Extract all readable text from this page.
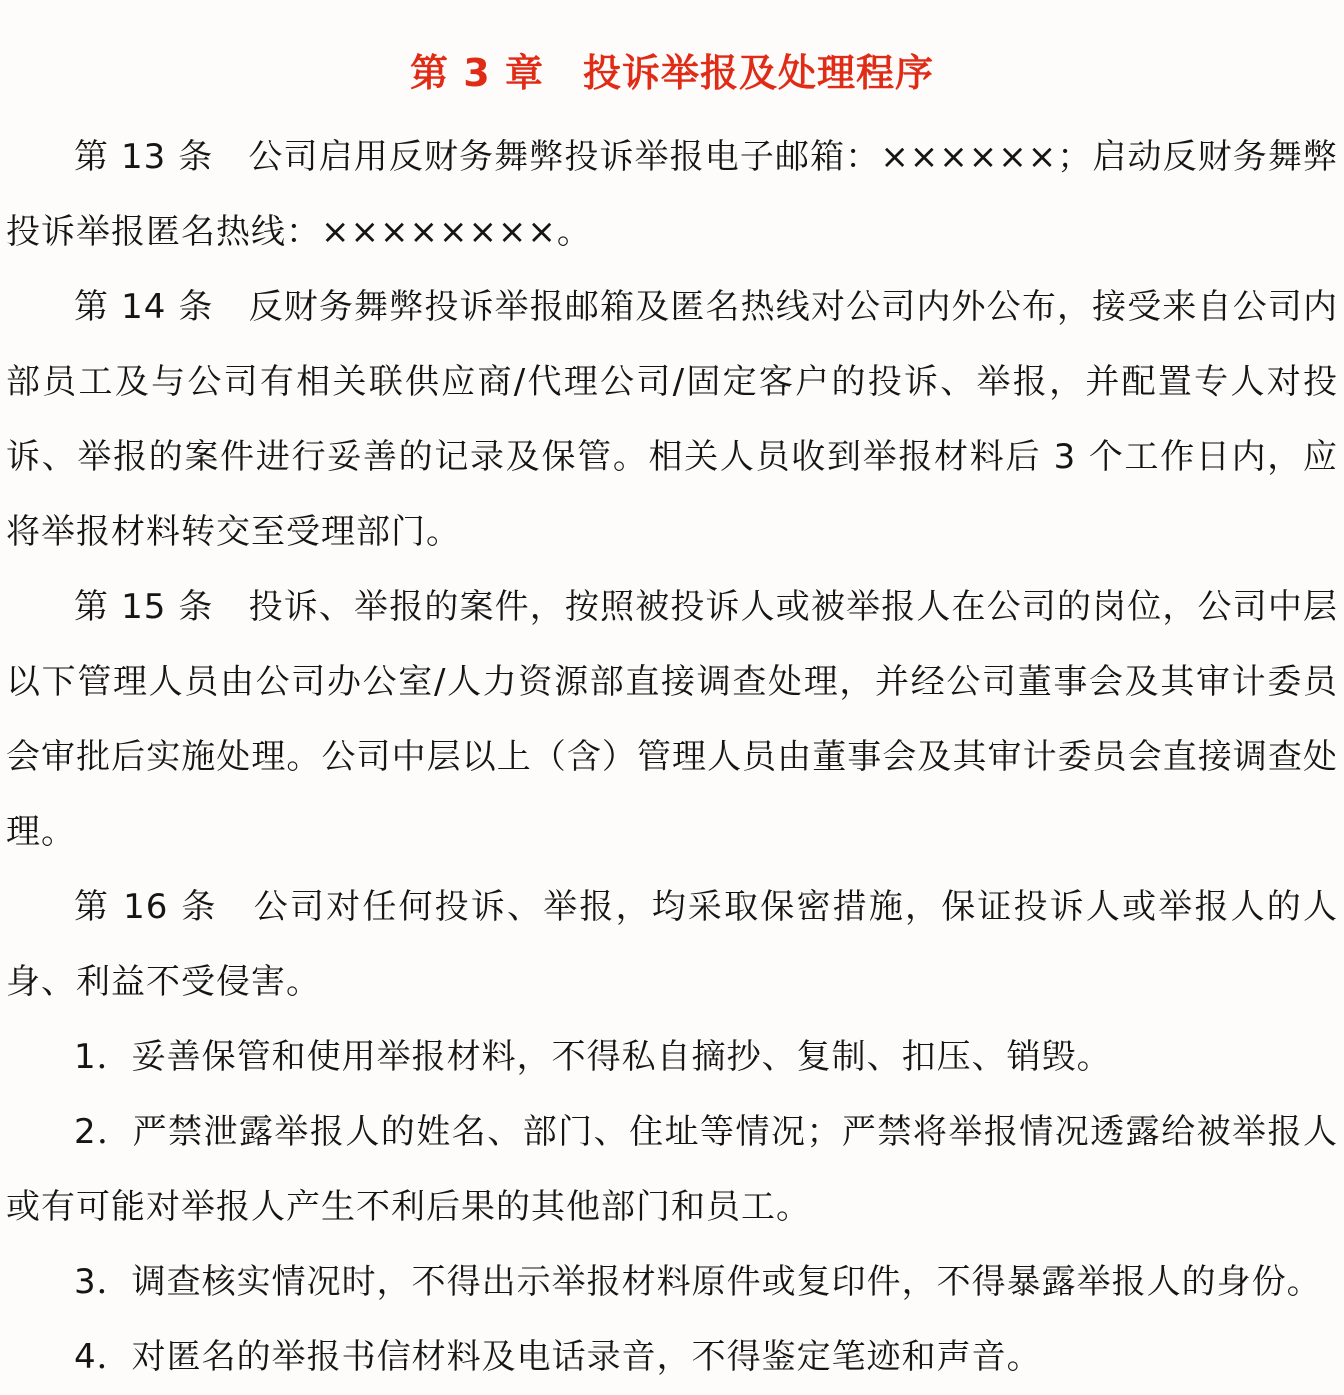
第 3 章　投诉举报及处理程序

第 13 条　公司启用反财务舞弊投诉举报电子邮箱：××××××；启动反财务舞弊投诉举报匿名热线：××××××××。

第 14 条　反财务舞弊投诉举报邮箱及匿名热线对公司内外公布，接受来自公司内部员工及与公司有相关联供应商/代理公司/固定客户的投诉、举报，并配置专人对投诉、举报的案件进行妥善的记录及保管。相关人员收到举报材料后 3 个工作日内，应将举报材料转交至受理部门。

第 15 条　投诉、举报的案件，按照被投诉人或被举报人在公司的岗位，公司中层以下管理人员由公司办公室/人力资源部直接调查处理，并经公司董事会及其审计委员会审批后实施处理。公司中层以上（含）管理人员由董事会及其审计委员会直接调查处理。

第 16 条　公司对任何投诉、举报，均采取保密措施，保证投诉人或举报人的人身、利益不受侵害。

1．妥善保管和使用举报材料，不得私自摘抄、复制、扣压、销毁。

2．严禁泄露举报人的姓名、部门、住址等情况；严禁将举报情况透露给被举报人或有可能对举报人产生不利后果的其他部门和员工。

3．调查核实情况时，不得出示举报材料原件或复印件，不得暴露举报人的身份。

4．对匿名的举报书信材料及电话录音，不得鉴定笔迹和声音。
